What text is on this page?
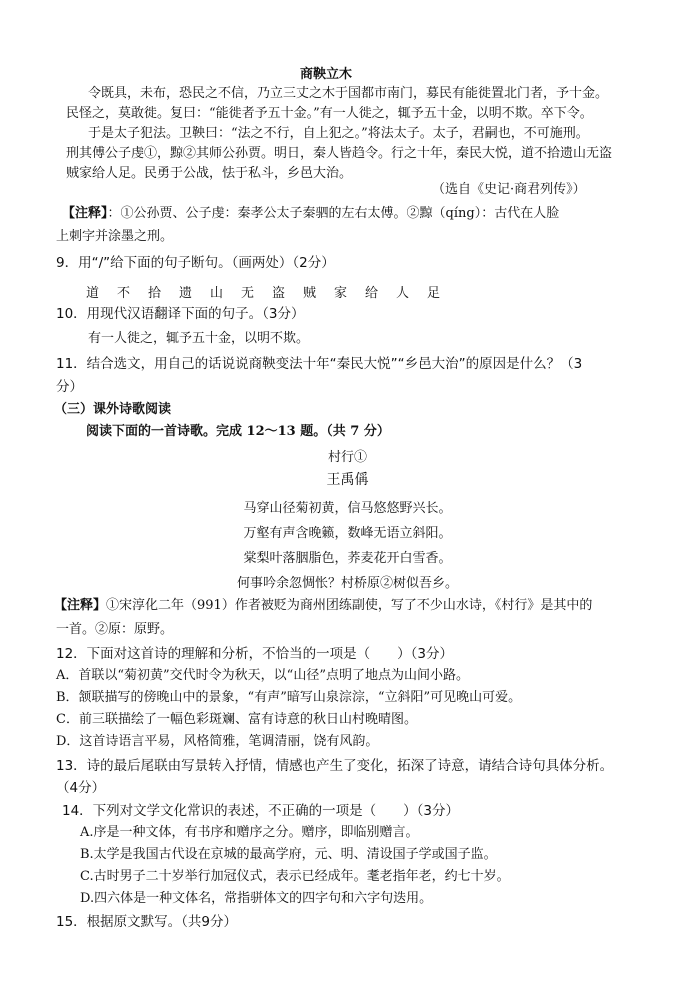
商鞅立木
令既具，未布，恐民之不信，乃立三丈之木于国都市南门，募民有能徙置北门者，予十金。
民怪之，莫敢徙。复曰：“能徙者予五十金。”有一人徙之，辄予五十金，以明不欺。卒下令。
于是太子犯法。卫鞅曰：“法之不行，自上犯之。”将法太子。太子，君嗣也，不可施刑。
刑其傅公子虔①，黥②其师公孙贾。明日，秦人皆趋令。行之十年，秦民大悦，道不拾遗山无盗
贼家给人足。民勇于公战，怯于私斗，乡邑大治。
（选自《史记·商君列传》）
【注释】：①公孙贾、公子虔：秦孝公太子秦驷的左右太傅。②黥（qíng）：古代在人脸
上刺字并涂墨之刑。
9．用“/”给下面的句子断句。（画两处）（2分）
道不拾遗山无盗贼家给人足
10．用现代汉语翻译下面的句子。（3分）
有一人徙之，辄予五十金，以明不欺。
11．结合选文，用自己的话说说商鞅变法十年“秦民大悦”“乡邑大治”的原因是什么？（3
分）
（三）课外诗歌阅读
阅读下面的一首诗歌。完成 12～13 题。（共 7 分）
村行①
王禹偁
马穿山径菊初黄，信马悠悠野兴长。
万壑有声含晚籁，数峰无语立斜阳。
棠梨叶落胭脂色，荞麦花开白雪香。
何事吟余忽惆怅？村桥原②树似吾乡。
【注释】①宋淳化二年（991）作者被贬为商州团练副使，写了不少山水诗，《村行》是其中的
一首。②原：原野。
12．下面对这首诗的理解和分析，不恰当的一项是（　　）（3分）
A．首联以“菊初黄”交代时令为秋天，以“山径”点明了地点为山间小路。
B．颔联描写的傍晚山中的景象，“有声”暗写山泉淙淙，“立斜阳”可见晚山可爱。
C．前三联描绘了一幅色彩斑斓、富有诗意的秋日山村晚晴图。
D．这首诗语言平易，风格简雅，笔调清丽，饶有风韵。
13．诗的最后尾联由写景转入抒情，情感也产生了变化，拓深了诗意，请结合诗句具体分析。
（4分）
14．下列对文学文化常识的表述，不正确的一项是（　　）（3分）
A.序是一种文体，有书序和赠序之分。赠序，即临别赠言。
B.太学是我国古代设在京城的最高学府，元、明、清设国子学或国子监。
C.古时男子二十岁举行加冠仪式，表示已经成年。耄老指年老，约七十岁。
D.四六体是一种文体名，常指骈体文的四字句和六字句迭用。
15．根据原文默写。（共9分）
